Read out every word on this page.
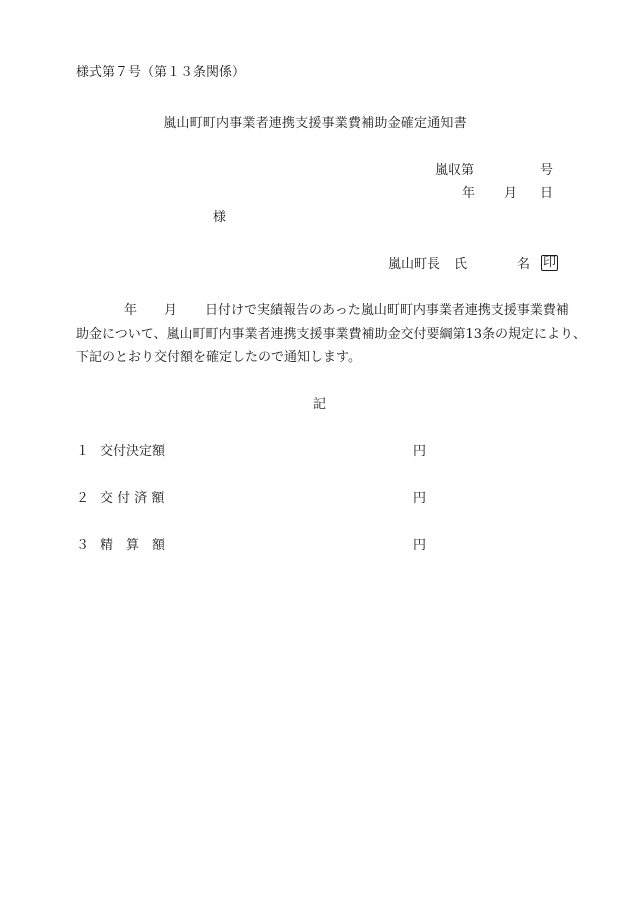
様式第７号（第１３条関係）
嵐山町町内事業者連携支援事業費補助金確定通知書
嵐収第	号
年 月 日
様
嵐山町長 氏	名 印
年 月 日付けで実績報告のあった嵐山町町内事業者連携支援事業費補
助金について、嵐山町町内事業者連携支援事業費補助金交付要綱第13条の規定により、
下記のとおり交付額を確定したので通知します。
記
１ 交付決定額	円
２ 交 付 済 額	円
３ 精　算　額	円
